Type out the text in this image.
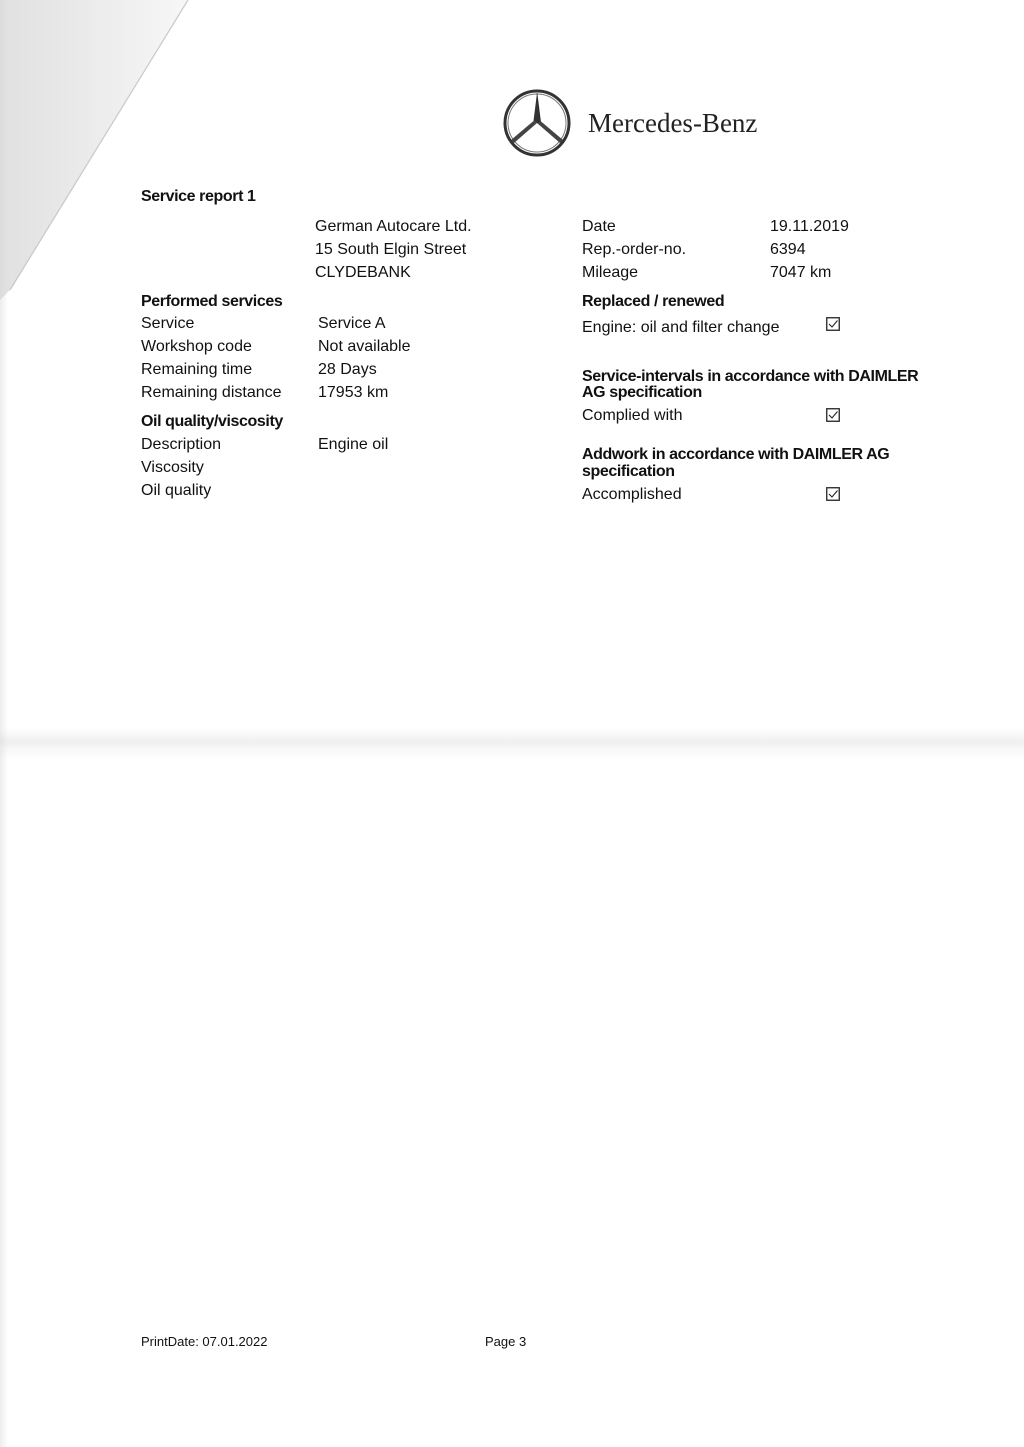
Mercedes-Benz
Service report 1
German Autocare Ltd.
15 South Elgin Street
CLYDEBANK
Date	19.11.2019
Rep.-order-no.	6394
Mileage	7047 km
Performed services
Service	Service A
Workshop code	Not available
Remaining time	28 Days
Remaining distance 17953 km
Oil quality/viscosity
Description	Engine oil
Viscosity
Oil quality
Replaced / renewed
Engine: oil and filter change
Service-intervals in accordance with DAIMLER
AG specification
Complied with
Addwork in accordance with DAIMLER AG
specification
Accomplished
PrintDate: 07.01.2022	Page 3
